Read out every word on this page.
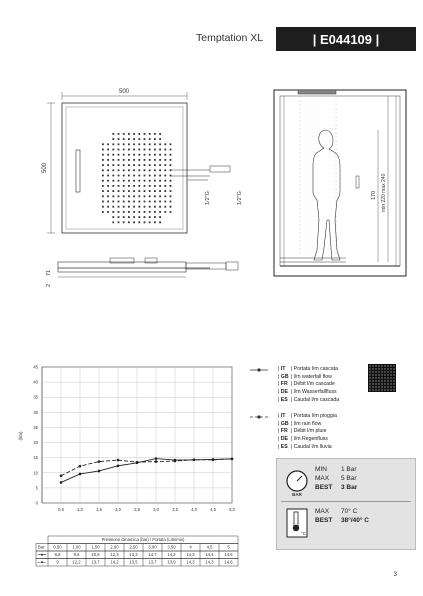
Temptation XL	| E044109 |
500
500
1/2"G	1/2"G
2
71
170 min 220 max 240
0
5
10
15
20
25
30
35
40
45
0,5	1,0	1,5	2,0	2,5	3,0	3,5	4,0	4,5	5,0
(l/m)
| IT | Portata l/m cascata
| GB | l/m waterfall flow
| FR | Débit l/m cascade
| DE | l/m Wasserfallfluss
| ES | Caudal l/m cascada
| IT | Portata l/m pioggia
| GB | l/m rain flow
| FR | Débit l/m pluie
| DE | l/m Regenfluss
| ES | Caudal l/m lluvia
BAR
MIN 1 Bar
MAX 5 Bar
BEST 3 Bar
°C
MAX 70° C
BEST 38°/40° C
Pressione Dinamica (bar) / Portata (Litri/min)
Bar 0,50	1,00	1,50	2,00	2,50	3,00	3,50	4	4,5	5
6,8	9,6	10,6	12,3	13,3	14,7	14,2	14,3	14,4	14,6
9	12,2	13,7	14,2	13,5	13,7	13,9	14,3	14,3	14,6
3
